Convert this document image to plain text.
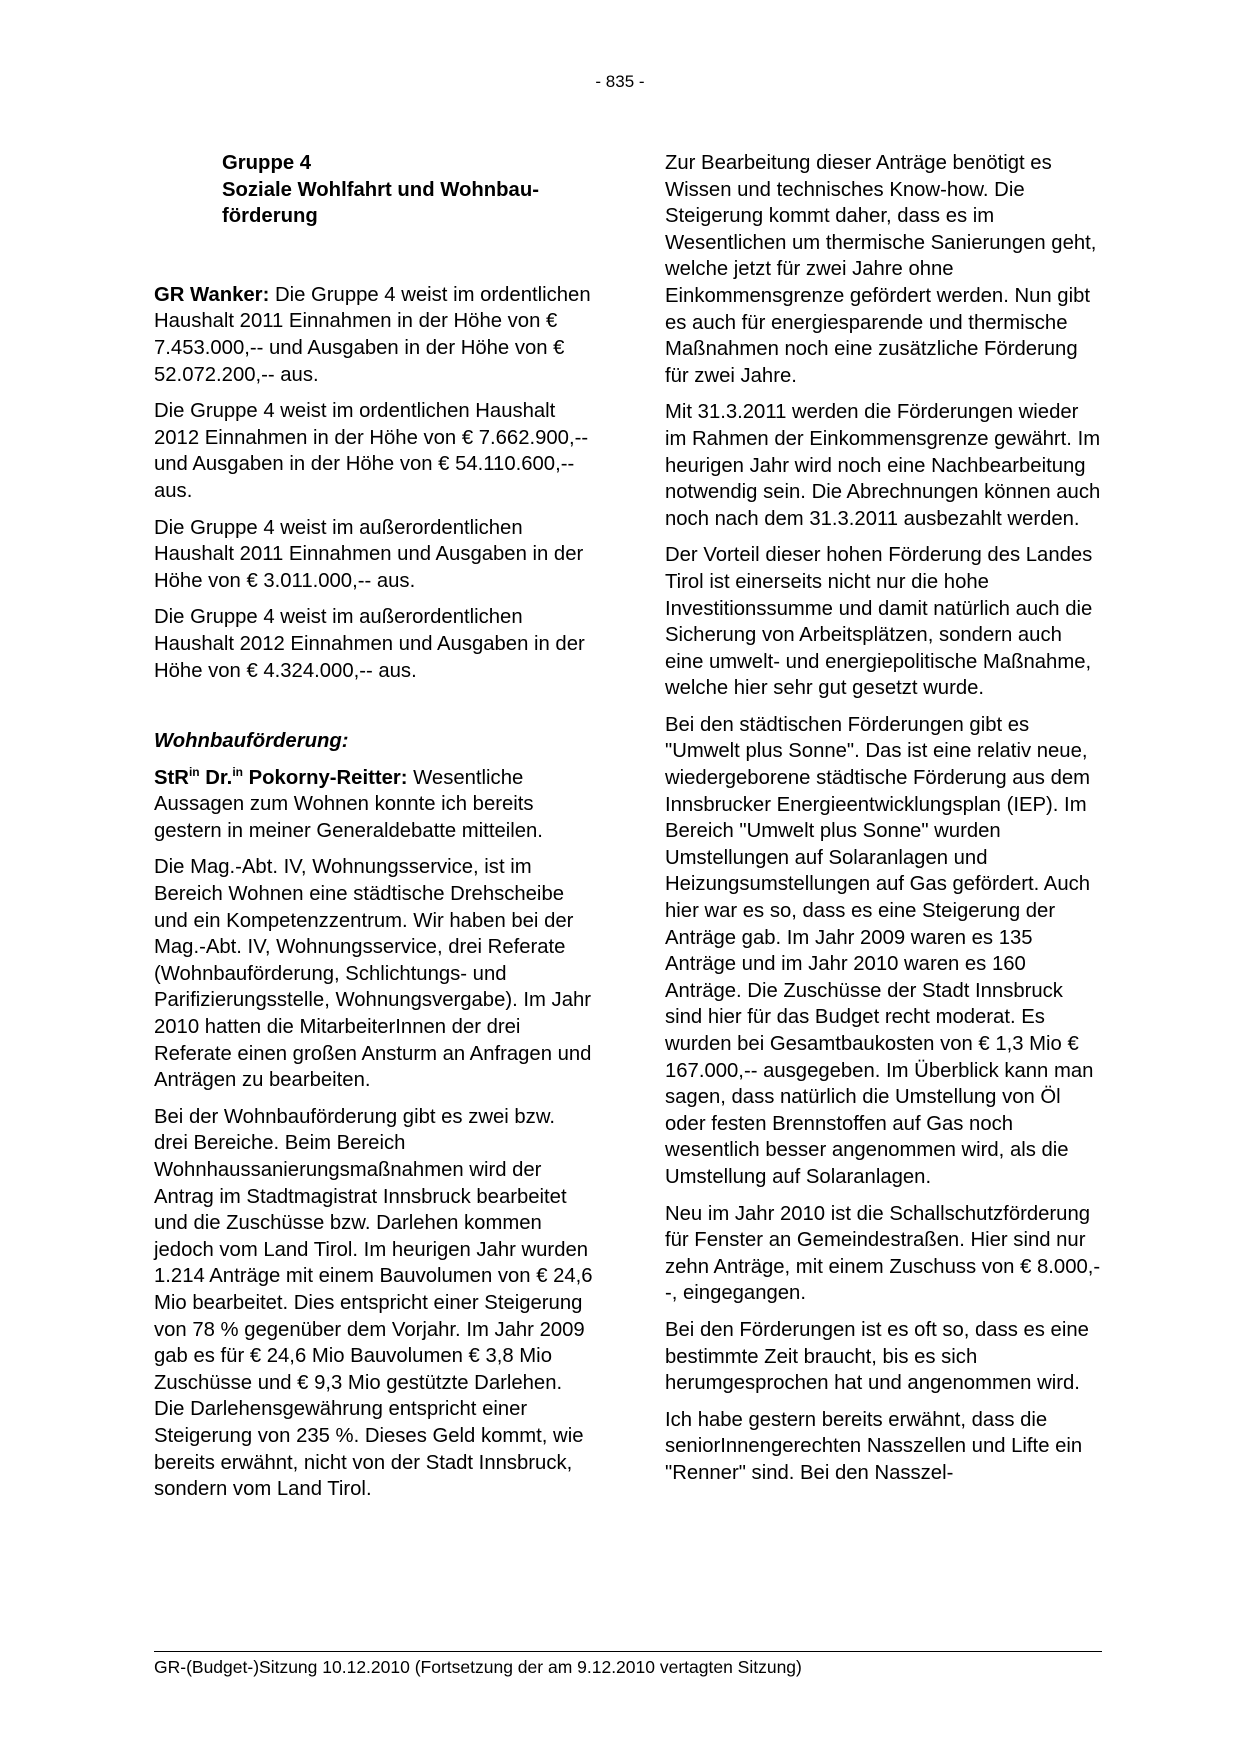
- 835 -
Gruppe 4
Soziale Wohlfahrt und Wohnbau-
förderung

GR Wanker: Die Gruppe 4 weist im ordentlichen Haushalt 2011 Einnahmen in der Höhe von € 7.453.000,-- und Ausgaben in der Höhe von € 52.072.200,-- aus.

Die Gruppe 4 weist im ordentlichen Haushalt 2012 Einnahmen in der Höhe von € 7.662.900,-- und Ausgaben in der Höhe von € 54.110.600,-- aus.

Die Gruppe 4 weist im außerordentlichen Haushalt 2011 Einnahmen und Ausgaben in der Höhe von € 3.011.000,-- aus.

Die Gruppe 4 weist im außerordentlichen Haushalt 2012 Einnahmen und Ausgaben in der Höhe von € 4.324.000,-- aus.

Wohnbauförderung:

StR$^{in}$ Dr.$^{in}$ Pokorny-Reitter: Wesentliche Aussagen zum Wohnen konnte ich bereits gestern in meiner Generaldebatte mitteilen.

Die Mag.-Abt. IV, Wohnungsservice, ist im Bereich Wohnen eine städtische Drehscheibe und ein Kompetenzzentrum. Wir haben bei der Mag.-Abt. IV, Wohnungsservice, drei Referate (Wohnbauförderung, Schlichtungs- und Parifizierungsstelle, Wohnungsvergabe). Im Jahr 2010 hatten die MitarbeiterInnen der drei Referate einen großen Ansturm an Anfragen und Anträgen zu bearbeiten.

Bei der Wohnbauförderung gibt es zwei bzw. drei Bereiche. Beim Bereich Wohnhaussanierungsmaßnahmen wird der Antrag im Stadtmagistrat Innsbruck bearbeitet und die Zuschüsse bzw. Darlehen kommen jedoch vom Land Tirol. Im heurigen Jahr wurden 1.214 Anträge mit einem Bauvolumen von € 24,6 Mio bearbeitet. Dies entspricht einer Steigerung von 78 % gegenüber dem Vorjahr. Im Jahr 2009 gab es für € 24,6 Mio Bauvolumen € 3,8 Mio Zuschüsse und € 9,3 Mio gestützte Darlehen. Die Darlehensgewährung entspricht einer Steigerung von 235 %. Dieses Geld kommt, wie bereits erwähnt, nicht von der Stadt Innsbruck, sondern vom Land Tirol.

Zur Bearbeitung dieser Anträge benötigt es Wissen und technisches Know-how. Die Steigerung kommt daher, dass es im Wesentlichen um thermische Sanierungen geht, welche jetzt für zwei Jahre ohne Einkommensgrenze gefördert werden. Nun gibt es auch für energiesparende und thermische Maßnahmen noch eine zusätzliche Förderung für zwei Jahre.

Mit 31.3.2011 werden die Förderungen wieder im Rahmen der Einkommensgrenze gewährt. Im heurigen Jahr wird noch eine Nachbearbeitung notwendig sein. Die Abrechnungen können auch noch nach dem 31.3.2011 ausbezahlt werden.

Der Vorteil dieser hohen Förderung des Landes Tirol ist einerseits nicht nur die hohe Investitionssumme und damit natürlich auch die Sicherung von Arbeitsplätzen, sondern auch eine umwelt- und energiepolitische Maßnahme, welche hier sehr gut gesetzt wurde.

Bei den städtischen Förderungen gibt es "Umwelt plus Sonne". Das ist eine relativ neue, wiedergeborene städtische Förderung aus dem Innsbrucker Energieentwicklungsplan (IEP). Im Bereich "Umwelt plus Sonne" wurden Umstellungen auf Solaranlagen und Heizungsumstellungen auf Gas gefördert. Auch hier war es so, dass es eine Steigerung der Anträge gab. Im Jahr 2009 waren es 135 Anträge und im Jahr 2010 waren es 160 Anträge. Die Zuschüsse der Stadt Innsbruck sind hier für das Budget recht moderat. Es wurden bei Gesamtbaukosten von € 1,3 Mio € 167.000,-- ausgegeben. Im Überblick kann man sagen, dass natürlich die Umstellung von Öl oder festen Brennstoffen auf Gas noch wesentlich besser angenommen wird, als die Umstellung auf Solaranlagen.

Neu im Jahr 2010 ist die Schallschutzförderung für Fenster an Gemeindestraßen. Hier sind nur zehn Anträge, mit einem Zuschuss von € 8.000,--, eingegangen.

Bei den Förderungen ist es oft so, dass es eine bestimmte Zeit braucht, bis es sich herumgesprochen hat und angenommen wird.

Ich habe gestern bereits erwähnt, dass die seniorInnengerechten Nasszellen und Lifte ein "Renner" sind. Bei den Nasszel-

GR-(Budget-)Sitzung 10.12.2010 (Fortsetzung der am 9.12.2010 vertagten Sitzung)
